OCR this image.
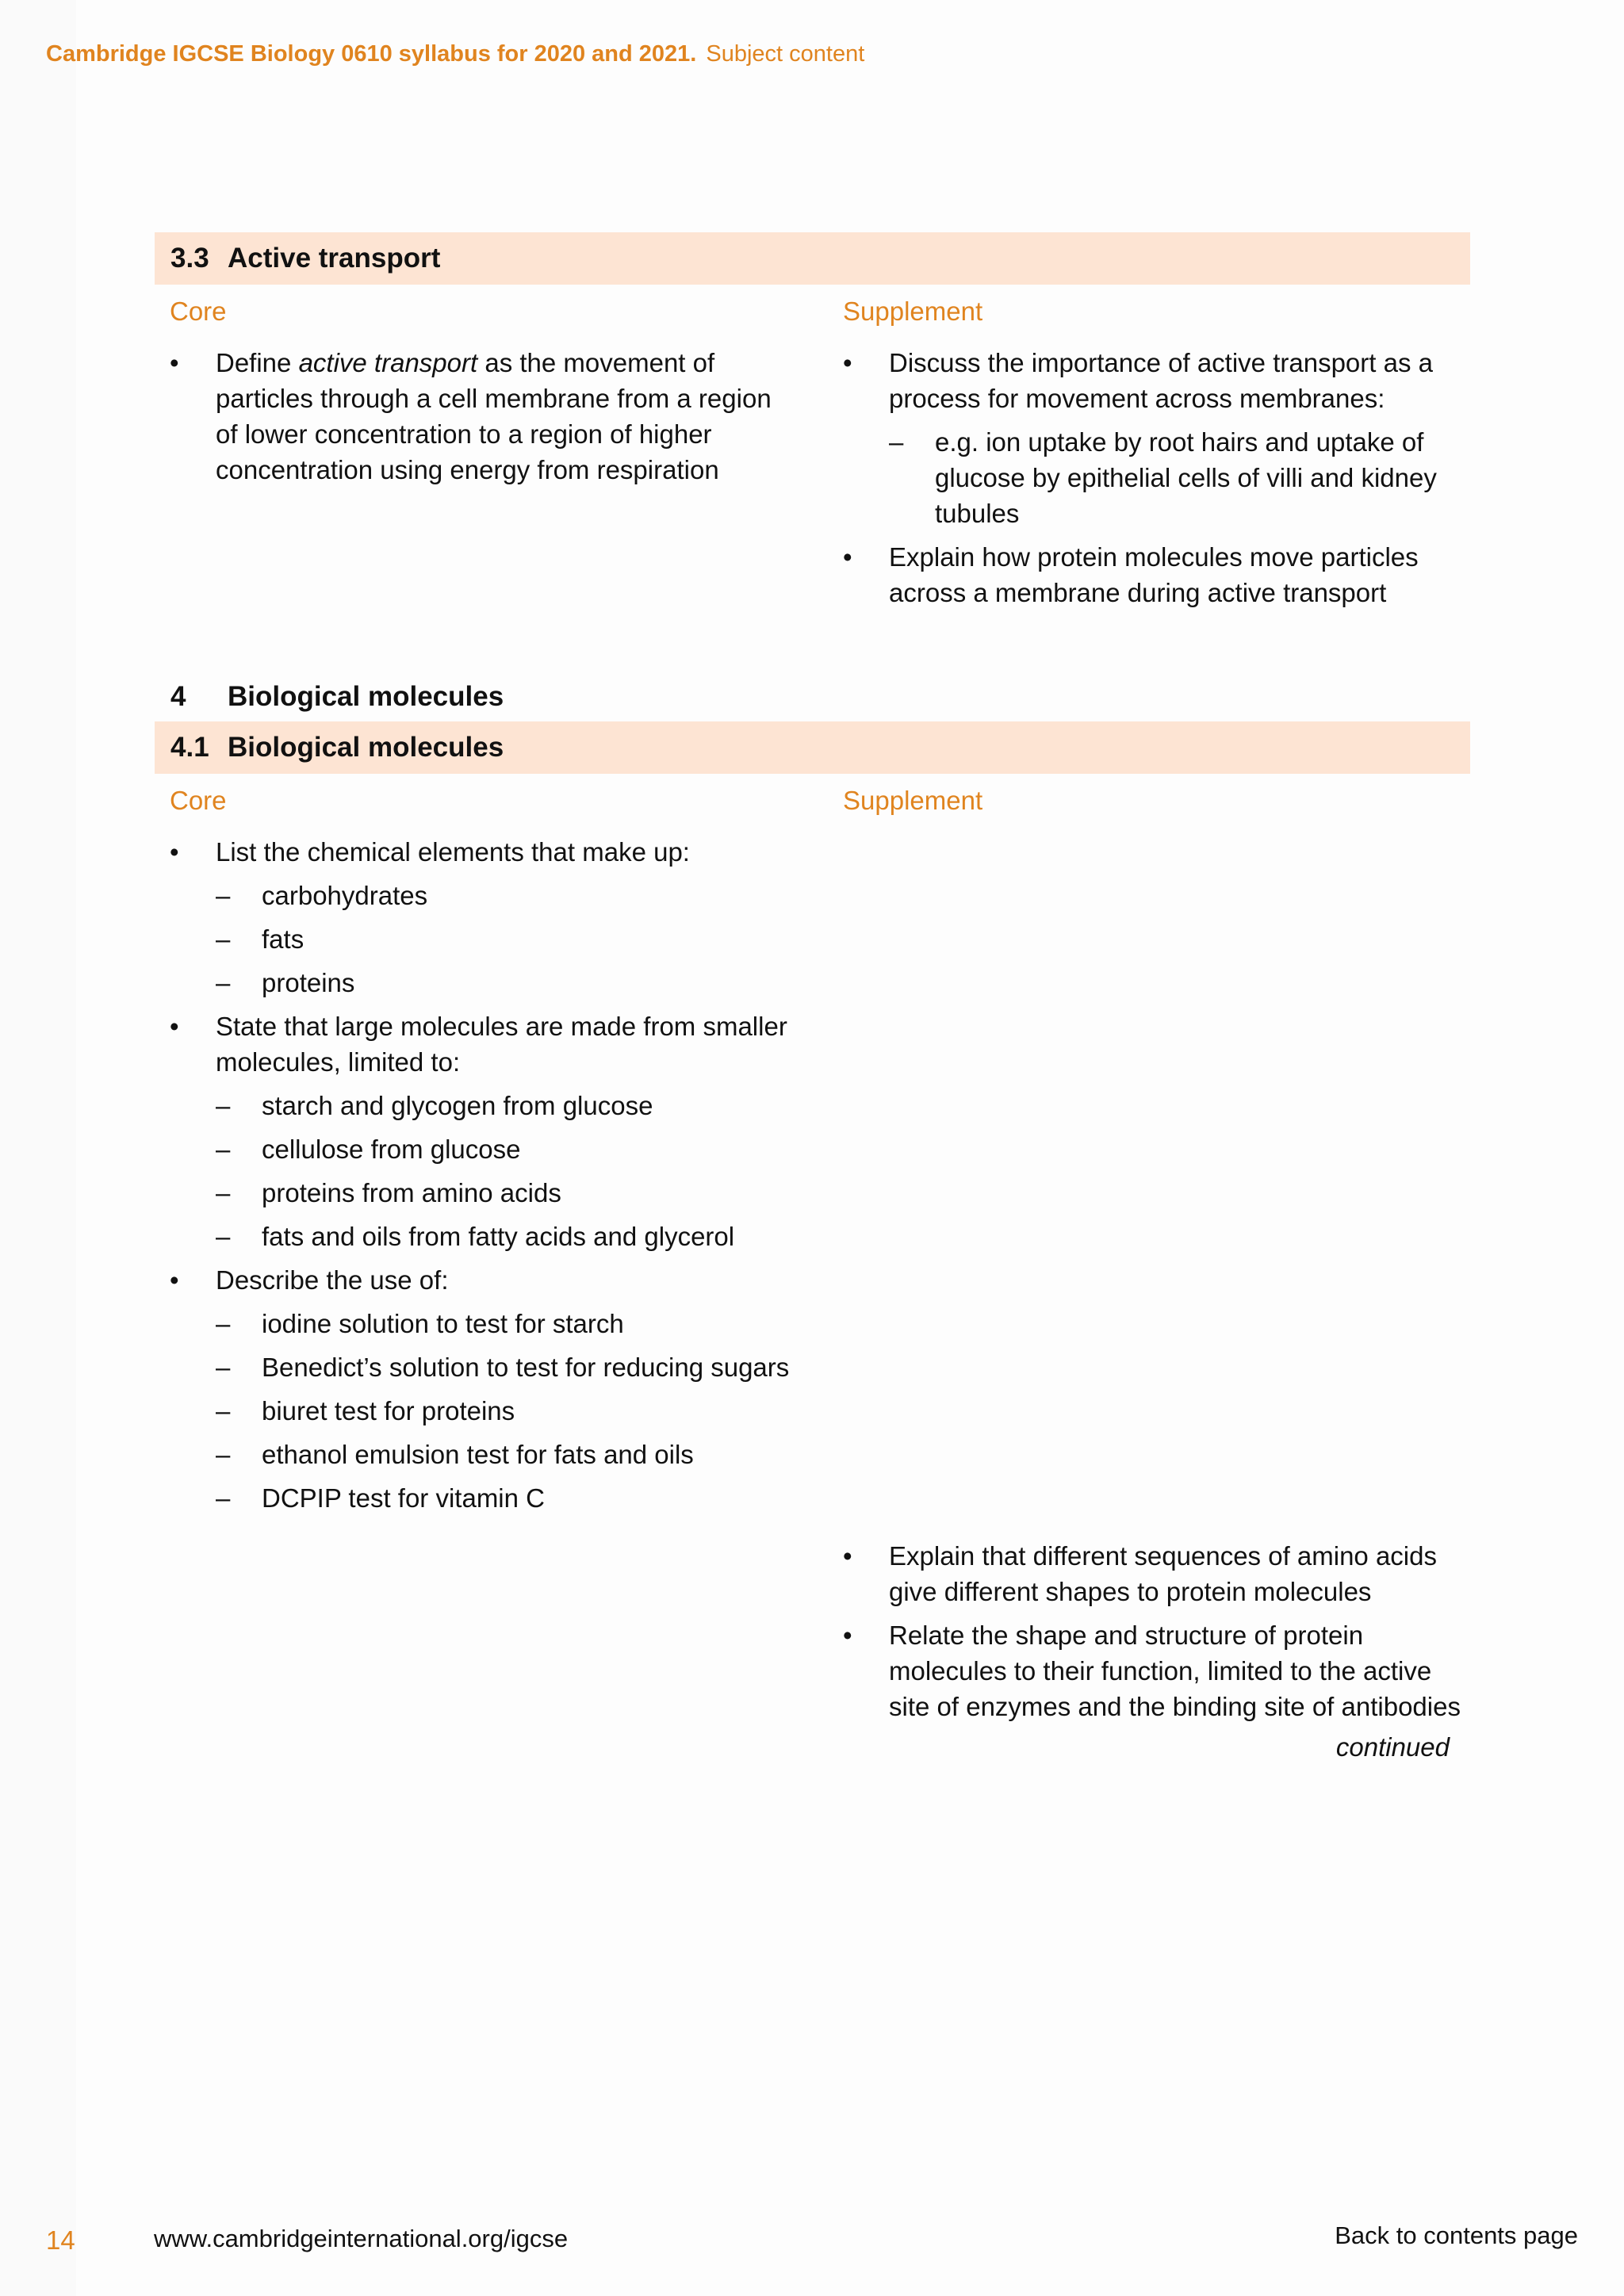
Cambridge IGCSE Biology 0610 syllabus for 2020 and 2021. Subject content
3.3 Active transport
Core	Supplement
•	Define active transport as the movement of particles through a cell membrane from a region of lower concentration to a region of higher concentration using energy from respiration
•	Discuss the importance of active transport as a process for movement across membranes:
– e.g. ion uptake by root hairs and uptake of glucose by epithelial cells of villi and kidney tubules
•	Explain how protein molecules move particles across a membrane during active transport
4	Biological molecules
4.1 Biological molecules
Core	Supplement
•	List the chemical elements that make up:
– carbohydrates
– fats
– proteins
•	State that large molecules are made from smaller molecules, limited to:
– starch and glycogen from glucose
– cellulose from glucose
– proteins from amino acids
– fats and oils from fatty acids and glycerol
•	Describe the use of:
– iodine solution to test for starch
– Benedict’s solution to test for reducing sugars
– biuret test for proteins
– ethanol emulsion test for fats and oils
– DCPIP test for vitamin C
•	Explain that different sequences of amino acids give different shapes to protein molecules
•	Relate the shape and structure of protein molecules to their function, limited to the active site of enzymes and the binding site of antibodies
continued
14	www.cambridgeinternational.org/igcse	Back to contents page
